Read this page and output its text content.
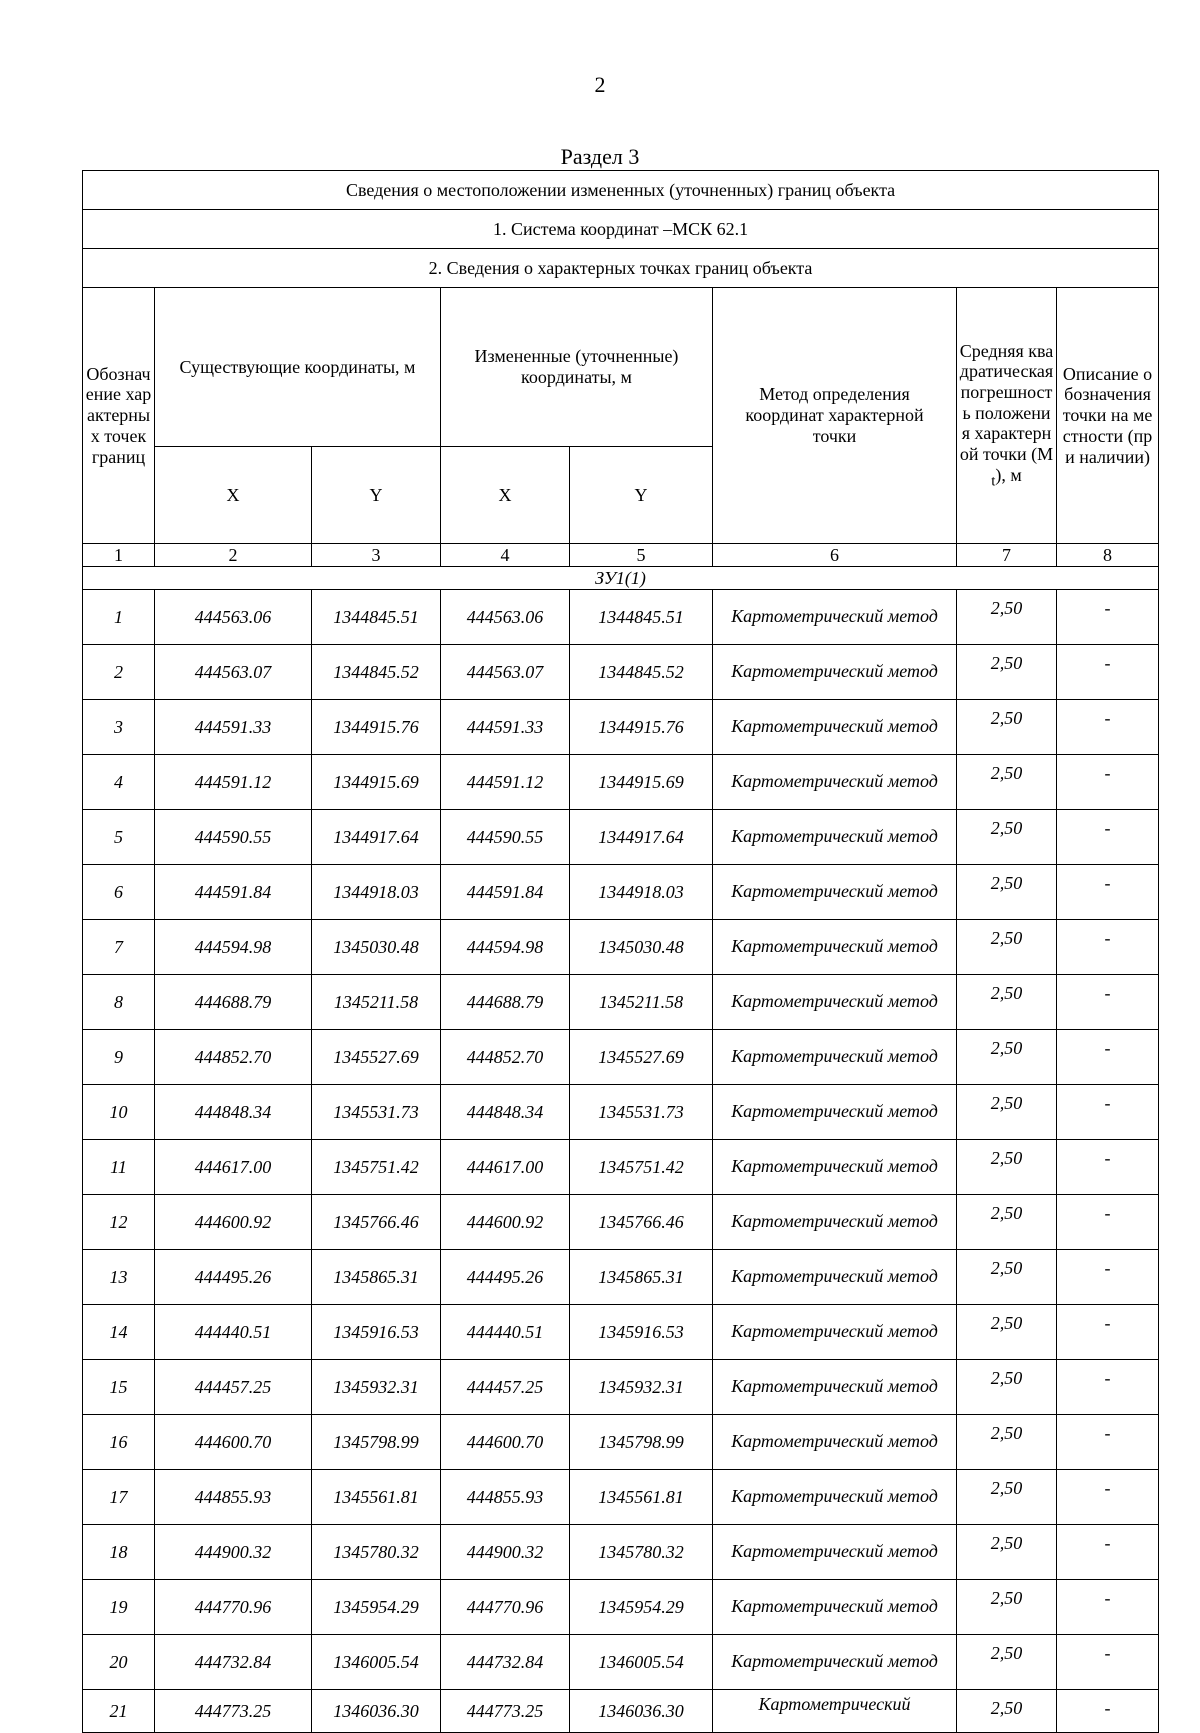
2
Раздел 3
Сведения о местоположении измененных (уточненных) границ объекта							
1. Система координат –МСК 62.1							
2. Сведения о характерных точках границ объекта							
Обозначение характерных точек границ	Существующие координаты, м		Измененные (уточненные) координаты, м		Метод определения координат характерной точки	Средняя квадратическая погрешность положения характерной точки $(M_t)$, м	Описание обозначения точки на местности (при наличии)
	X	Y	X	Y			
1	2	3	4	5	6	7	8
ЗУ1(1)							
1	444563.06	1344845.51	444563.06	1344845.51	Картометрический метод	2,50	-
2	444563.07	1344845.52	444563.07	1344845.52	Картометрический метод	2,50	-
3	444591.33	1344915.76	444591.33	1344915.76	Картометрический метод	2,50	-
4	444591.12	1344915.69	444591.12	1344915.69	Картометрический метод	2,50	-
5	444590.55	1344917.64	444590.55	1344917.64	Картометрический метод	2,50	-
6	444591.84	1344918.03	444591.84	1344918.03	Картометрический метод	2,50	-
7	444594.98	1345030.48	444594.98	1345030.48	Картометрический метод	2,50	-
8	444688.79	1345211.58	444688.79	1345211.58	Картометрический метод	2,50	-
9	444852.70	1345527.69	444852.70	1345527.69	Картометрический метод	2,50	-
10	444848.34	1345531.73	444848.34	1345531.73	Картометрический метод	2,50	-
11	444617.00	1345751.42	444617.00	1345751.42	Картометрический метод	2,50	-
12	444600.92	1345766.46	444600.92	1345766.46	Картометрический метод	2,50	-
13	444495.26	1345865.31	444495.26	1345865.31	Картометрический метод	2,50	-
14	444440.51	1345916.53	444440.51	1345916.53	Картометрический метод	2,50	-
15	444457.25	1345932.31	444457.25	1345932.31	Картометрический метод	2,50	-
16	444600.70	1345798.99	444600.70	1345798.99	Картометрический метод	2,50	-
17	444855.93	1345561.81	444855.93	1345561.81	Картометрический метод	2,50	-
18	444900.32	1345780.32	444900.32	1345780.32	Картометрический метод	2,50	-
19	444770.96	1345954.29	444770.96	1345954.29	Картометрический метод	2,50	-
20	444732.84	1346005.54	444732.84	1346005.54	Картометрический метод	2,50	-
21	444773.25	1346036.30	444773.25	1346036.30	Картометрический	2,50	-
